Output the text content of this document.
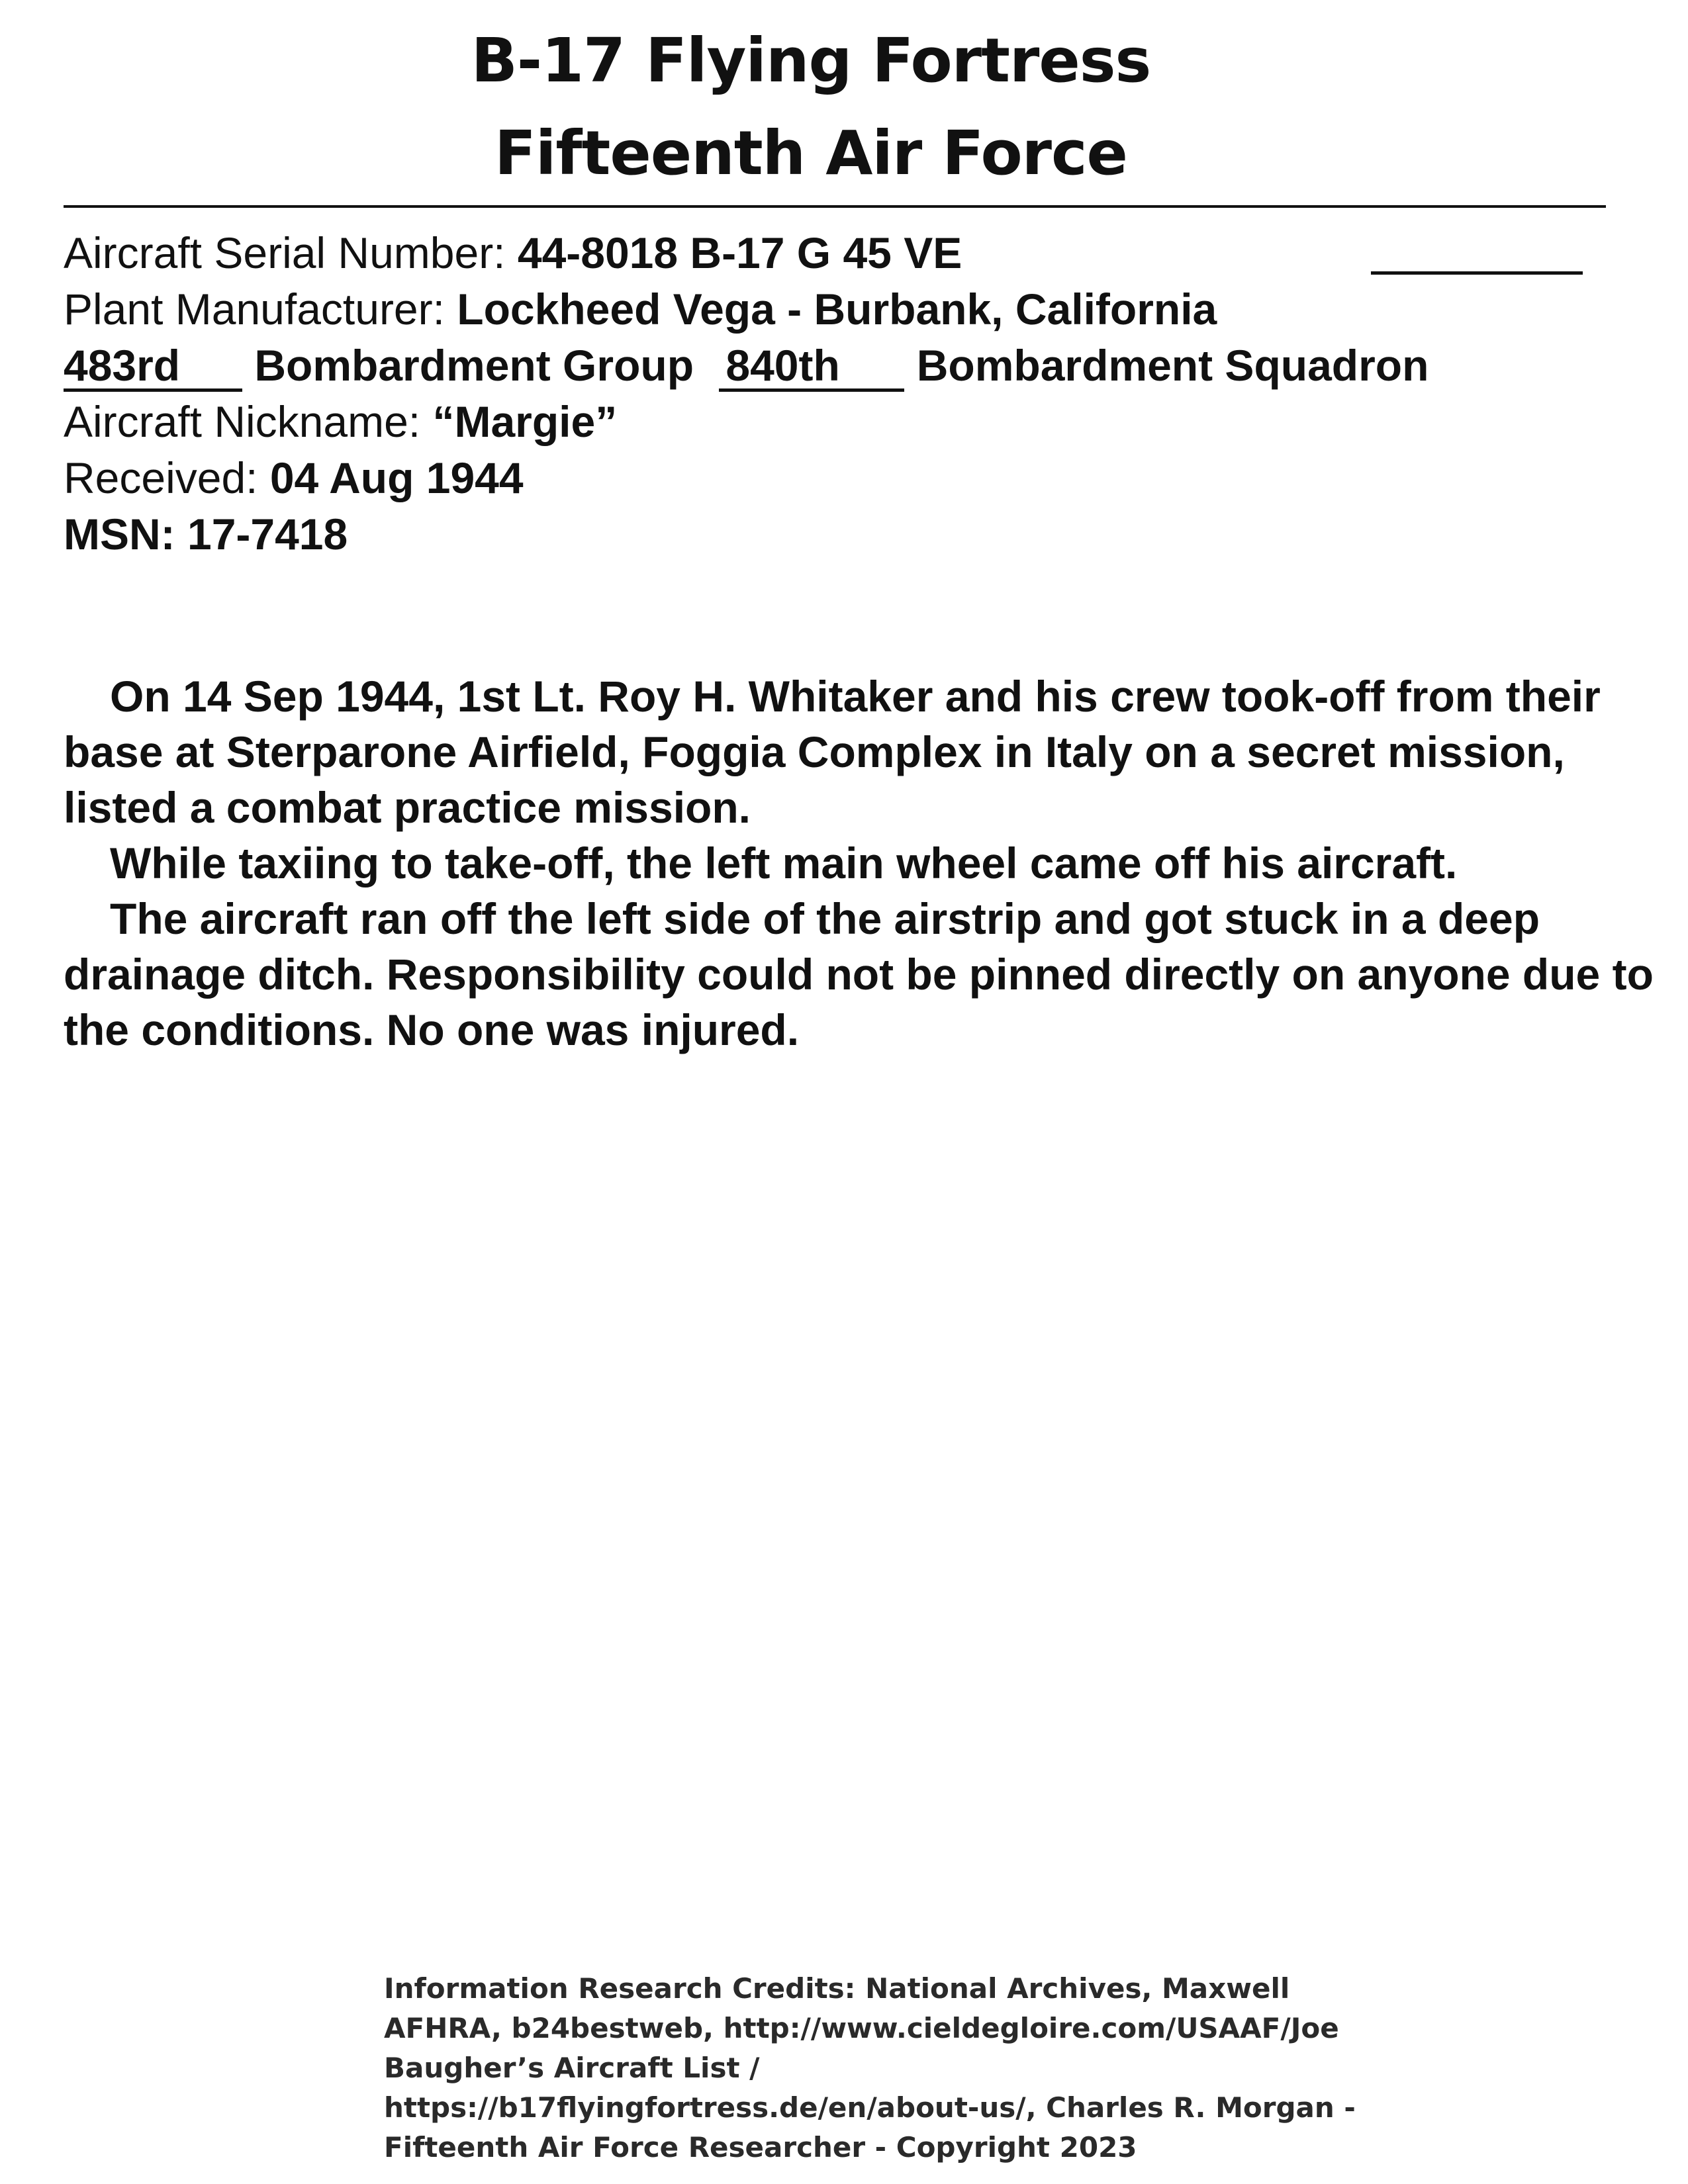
B-17 Flying Fortress
Fifteenth Air Force
Aircraft Serial Number: 44-8018 B-17 G 45 VE
Plant Manufacturer: Lockheed Vega - Burbank, California
483rd Bombardment Group 840th Bombardment Squadron
Aircraft Nickname: “Margie”
Received: 04 Aug 1944
MSN: 17-7418

On 14 Sep 1944, 1st Lt. Roy H. Whitaker and his crew took-off from their base at Sterparone Airfield, Foggia Complex in Italy on a secret mission, listed a combat practice mission.

While taxiing to take-off, the left main wheel came off his aircraft.

The aircraft ran off the left side of the airstrip and got stuck in a deep drainage ditch. Responsibility could not be pinned directly on anyone due to the conditions. No one was injured.

Information Research Credits: National Archives, Maxwell AFHRA, b24bestweb, http://www.cieldegloire.com/USAAF/Joe Baugher’s Aircraft List / https://b17flyingfortress.de/en/about-us/, Charles R. Morgan - Fifteenth Air Force Researcher - Copyright 2023
